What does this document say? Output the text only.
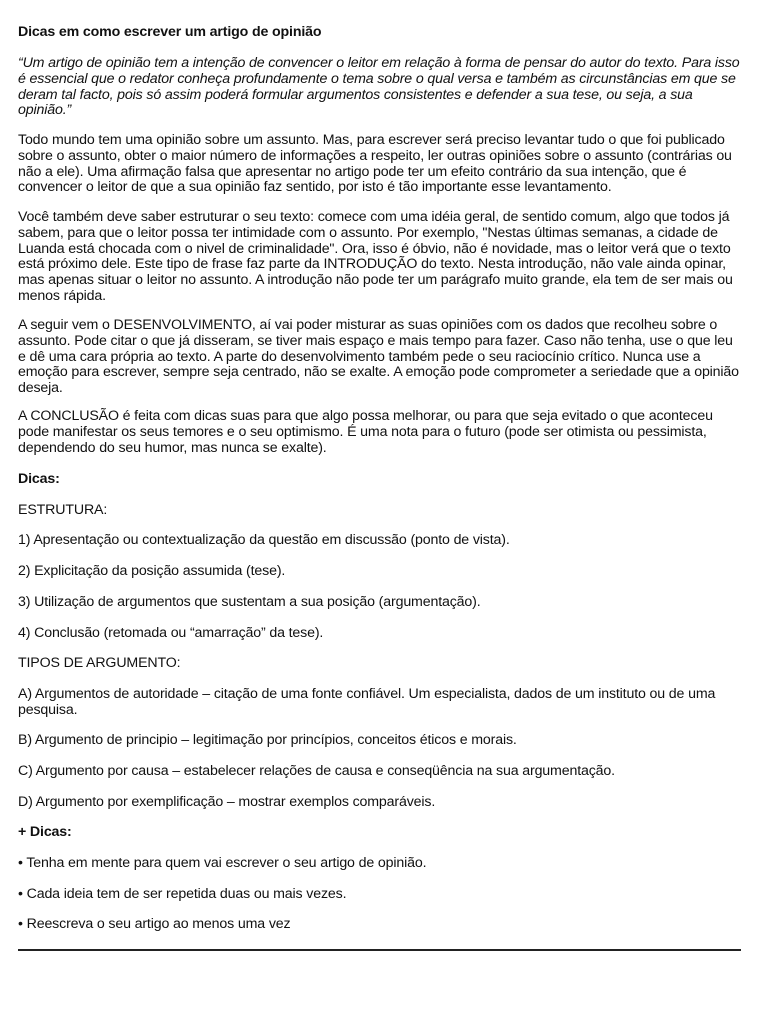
Dicas em como escrever um artigo de opinião

“Um artigo de opinião tem a intenção de convencer o leitor em relação à forma de pensar do autor do texto. Para isso é essencial que o redator conheça profundamente o tema sobre o qual versa e também as circunstâncias em que se deram tal facto, pois só assim poderá formular argumentos consistentes e defender a sua tese, ou seja, a sua opinião.”

Todo mundo tem uma opinião sobre um assunto. Mas, para escrever será preciso levantar tudo o que foi publicado sobre o assunto, obter o maior número de informações a respeito, ler outras opiniões sobre o assunto (contrárias ou não a ele). Uma afirmação falsa que apresentar no artigo pode ter um efeito contrário da sua intenção, que é convencer o leitor de que a sua opinião faz sentido, por isto é tão importante esse levantamento.

Você também deve saber estruturar o seu texto: comece com uma idéia geral, de sentido comum, algo que todos já sabem, para que o leitor possa ter intimidade com o assunto. Por exemplo, "Nestas últimas semanas, a cidade de Luanda está chocada com o nivel de criminalidade". Ora, isso é óbvio, não é novidade, mas o leitor verá que o texto está próximo dele. Este tipo de frase faz parte da INTRODUÇÃO do texto. Nesta introdução, não vale ainda opinar, mas apenas situar o leitor no assunto. A introdução não pode ter um parágrafo muito grande, ela tem de ser mais ou menos rápida.

A seguir vem o DESENVOLVIMENTO, aí vai poder misturar as suas opiniões com os dados que recolheu sobre o assunto. Pode citar o que já disseram, se tiver mais espaço e mais tempo para fazer. Caso não tenha, use o que leu e dê uma cara própria ao texto. A parte do desenvolvimento também pede o seu raciocínio crítico. Nunca use a emoção para escrever, sempre seja centrado, não se exalte. A emoção pode comprometer a seriedade que a opinião deseja.

A CONCLUSÃO é feita com dicas suas para que algo possa melhorar, ou para que seja evitado o que aconteceu pode manifestar os seus temores e o seu optimismo. É uma nota para o futuro (pode ser otimista ou pessimista, dependendo do seu humor, mas nunca se exalte).

Dicas:

ESTRUTURA:

1) Apresentação ou contextualização da questão em discussão (ponto de vista).

2) Explicitação da posição assumida (tese).

3) Utilização de argumentos que sustentam a sua posição (argumentação).

4) Conclusão (retomada ou “amarração” da tese).

TIPOS DE ARGUMENTO:

A) Argumentos de autoridade – citação de uma fonte confiável. Um especialista, dados de um instituto ou de uma pesquisa.

B) Argumento de principio – legitimação por princípios, conceitos éticos e morais.

C) Argumento por causa – estabelecer relações de causa e conseqüência na sua argumentação.

D) Argumento por exemplificação – mostrar exemplos comparáveis.

+ Dicas:

• Tenha em mente para quem vai escrever o seu artigo de opinião.

• Cada ideia tem de ser repetida duas ou mais vezes.

• Reescreva o seu artigo ao menos uma vez
